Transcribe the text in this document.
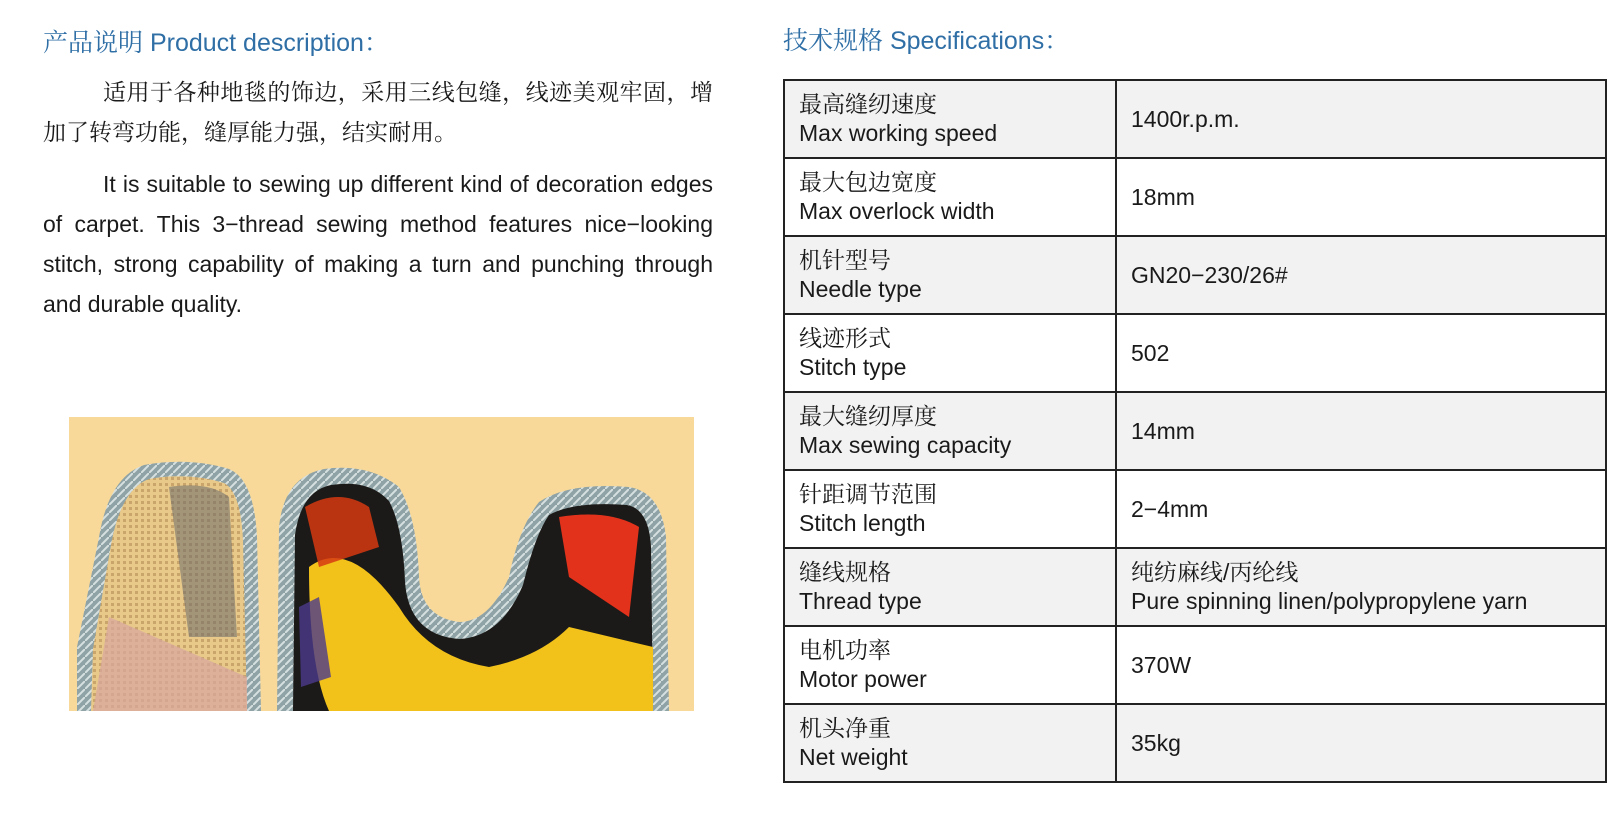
产品说明 Product description：

适用于各种地毯的饰边，采用三线包缝，线迹美观牢固，增加了转弯功能，缝厚能力强，结实耐用。

It is suitable to sewing up different kind of decoration edges of carpet. This 3−thread sewing method features nice−looking stitch, strong capability of making a turn and punching through and durable quality.

技术规格 Specifications：
最高缝纫速度
Max working speed	1400r.p.m.

最大包边宽度
Max overlock width	18mm

机针型号
Needle type	GN20−230/26#

线迹形式
Stitch type	502

最大缝纫厚度
Max sewing capacity	14mm

针距调节范围
Stitch length	2−4mm

缝线规格
Thread type	纯纺麻线/丙纶线
Pure spinning linen/polypropylene yarn

电机功率
Motor power	370W

机头净重
Net weight	35kg
